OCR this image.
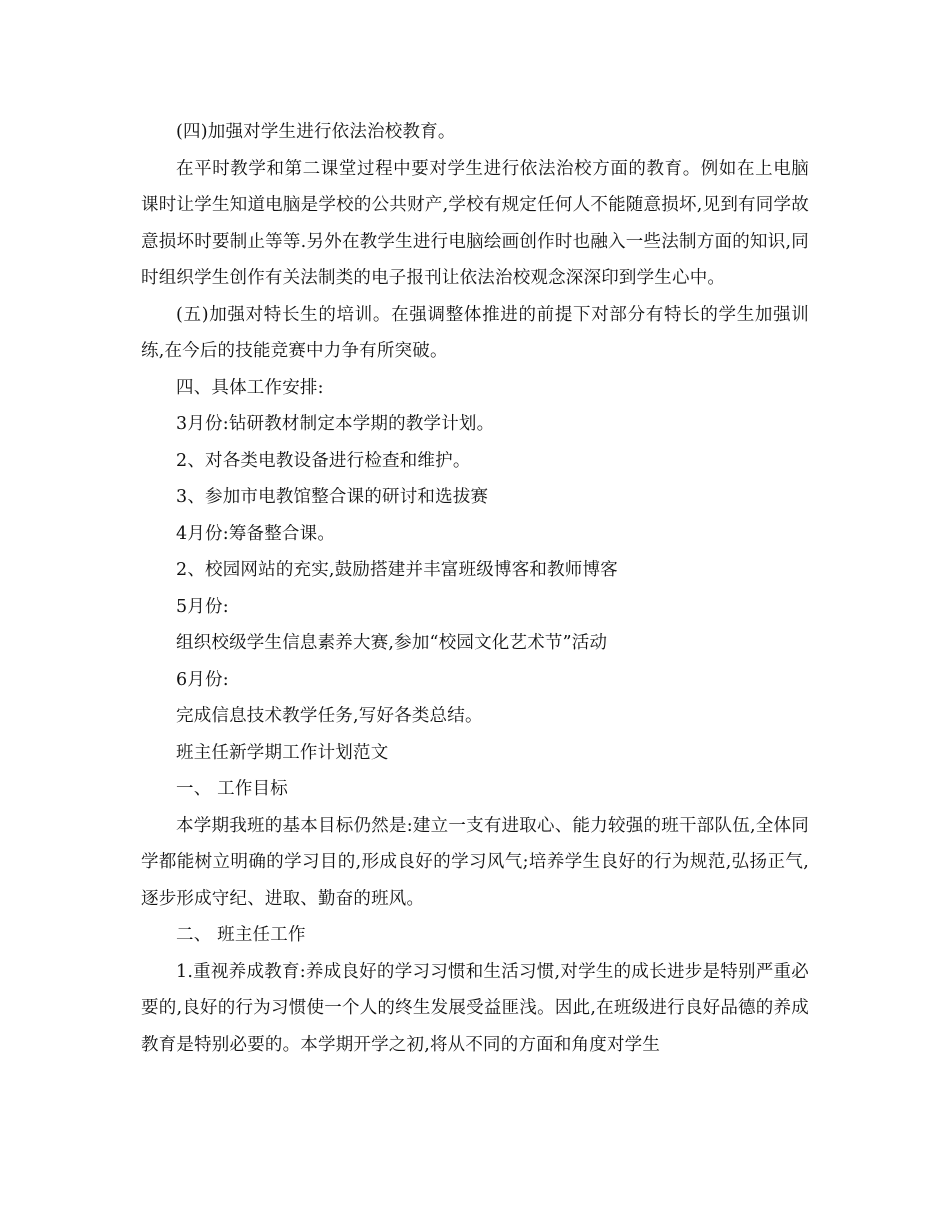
(四)加强对学生进行依法治校教育。

在平时教学和第二课堂过程中要对学生进行依法治校方面的教育。例如在上电脑课时让学生知道电脑是学校的公共财产,学校有规定任何人不能随意损坏,见到有同学故意损坏时要制止等等.另外在教学生进行电脑绘画创作时也融入一些法制方面的知识,同时组织学生创作有关法制类的电子报刊让依法治校观念深深印到学生心中。

(五)加强对特长生的培训。在强调整体推进的前提下对部分有特长的学生加强训练,在今后的技能竞赛中力争有所突破。

四、具体工作安排:

3月份:钻研教材制定本学期的教学计划。

2、对各类电教设备进行检查和维护。

3、参加市电教馆整合课的研讨和选拔赛

4月份:筹备整合课。

2、校园网站的充实,鼓励搭建并丰富班级博客和教师博客

5月份:

组织校级学生信息素养大赛,参加“校园文化艺术节”活动

6月份:

完成信息技术教学任务,写好各类总结。

班主任新学期工作计划范文

一、 工作目标

本学期我班的基本目标仍然是:建立一支有进取心、能力较强的班干部队伍,全体同学都能树立明确的学习目的,形成良好的学习风气;培养学生良好的行为规范,弘扬正气,逐步形成守纪、进取、勤奋的班风。

二、 班主任工作

1.重视养成教育:养成良好的学习习惯和生活习惯,对学生的成长进步是特别严重必要的,良好的行为习惯使一个人的终生发展受益匪浅。因此,在班级进行良好品德的养成教育是特别必要的。本学期开学之初,将从不同的方面和角度对学生
